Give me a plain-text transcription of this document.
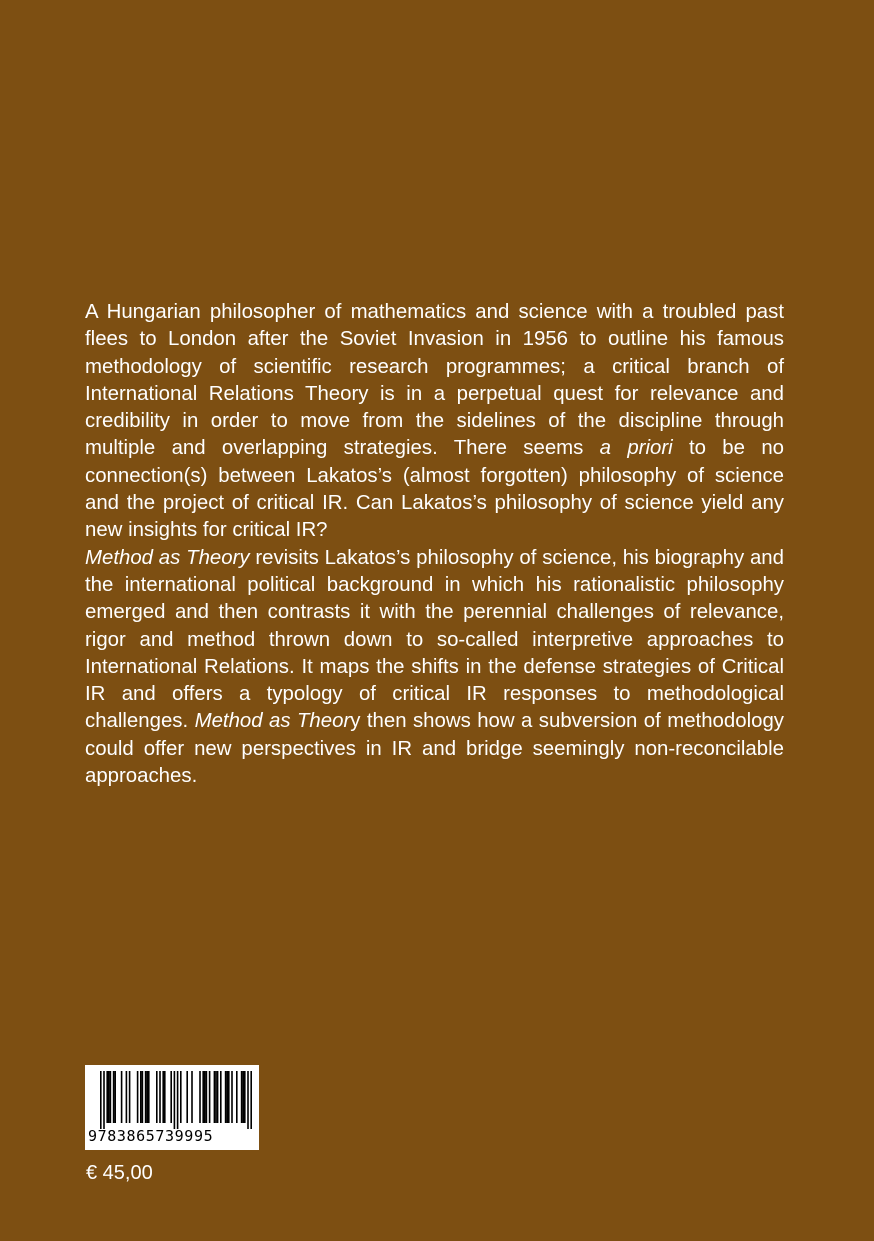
A Hungarian philosopher of mathematics and science with a troubled past flees to London after the Soviet Invasion in 1956 to outline his famous methodology of scientific research programmes; a critical branch of International Relations Theory is in a perpetual quest for relevance and credibility in order to move from the sidelines of the discipline through multiple and overlapping strategies. There seems a priori to be no connection(s) between Lakatos’s (almost forgotten) philosophy of science and the project of critical IR. Can Lakatos’s philosophy of science yield any new insights for critical IR?

Method as Theory revisits Lakatos’s philosophy of science, his biography and the international political background in which his rationalistic philosophy emerged and then contrasts it with the perennial challenges of relevance, rigor and method thrown down to so-called interpretive approaches to International Relations. It maps the shifts in the defense strategies of Critical IR and offers a typology of critical IR responses to methodological challenges. Method as Theory then shows how a subversion of methodology could offer new perspectives in IR and bridge seemingly non-reconcilable approaches.

9783865739995
€ 45,00
